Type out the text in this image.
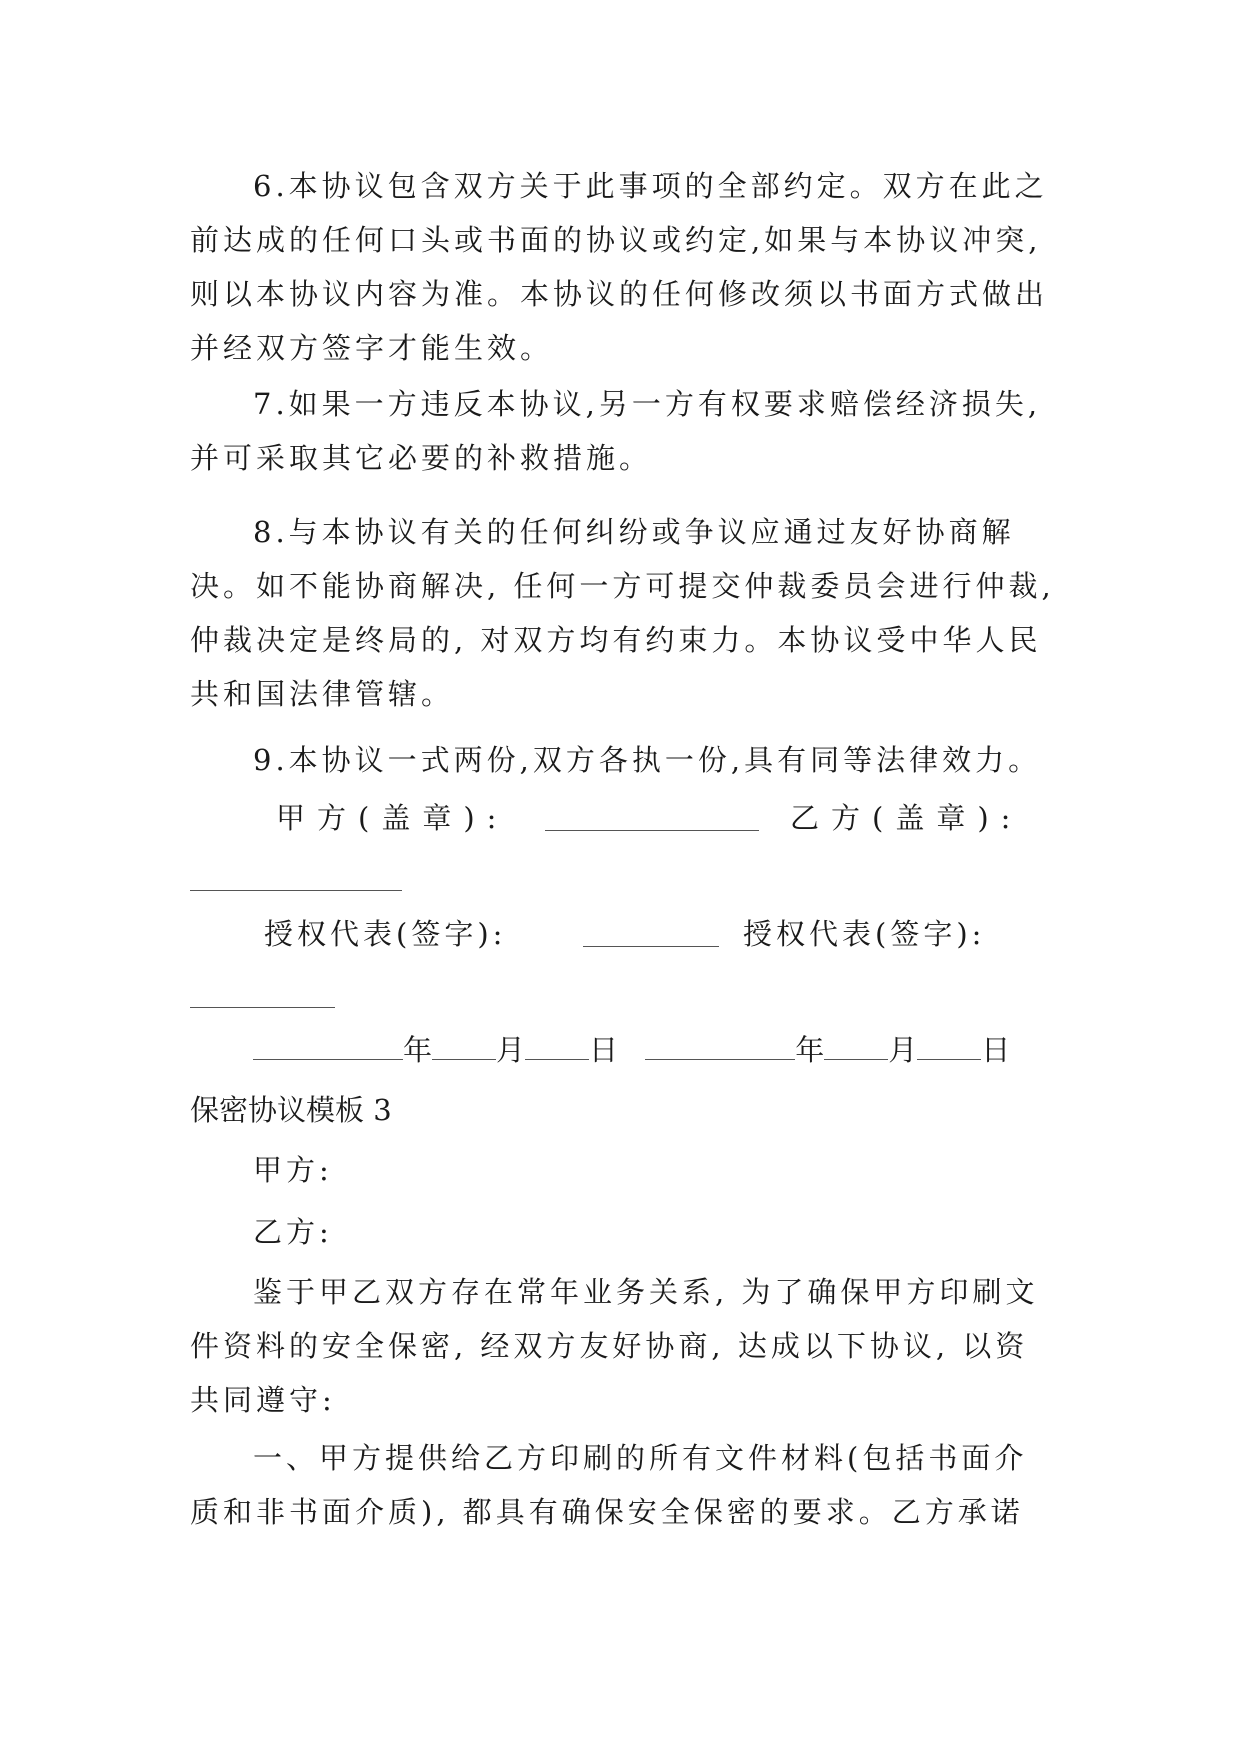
6.本协议包含双方关于此事项的全部约定。双方在此之

前达成的任何口头或书面的协议或约定,如果与本协议冲突,

则以本协议内容为准。本协议的任何修改须以书面方式做出

并经双方签字才能生效。

7.如果一方违反本协议,另一方有权要求赔偿经济损失,

并可采取其它必要的补救措施。

8.与本协议有关的任何纠纷或争议应通过友好协商解

决。如不能协商解决, 任何一方可提交仲裁委员会进行仲裁,

仲裁决定是终局的, 对双方均有约束力。本协议受中华人民

共和国法律管辖。

9.本协议一式两份,双方各执一份,具有同等法律效力。

甲方(盖章):	乙方(盖章):

授权代表(签字):	授权代表(签字):

年 月 日	年 月 日

保密协议模板 3

甲方:

乙方:

鉴于甲乙双方存在常年业务关系, 为了确保甲方印刷文

件资料的安全保密, 经双方友好协商, 达成以下协议, 以资

共同遵守:

一、甲方提供给乙方印刷的所有文件材料(包括书面介

质和非书面介质), 都具有确保安全保密的要求。乙方承诺
